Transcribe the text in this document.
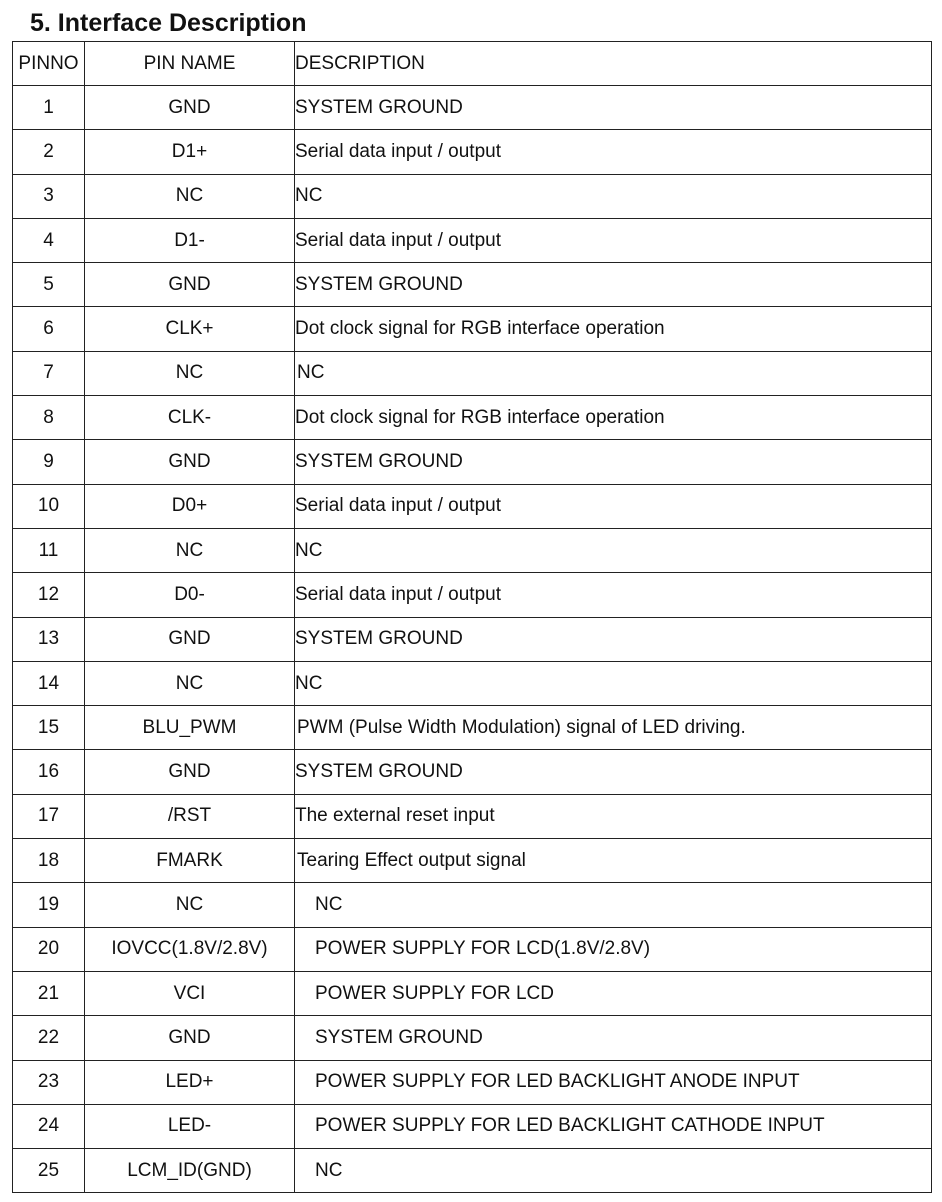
5. Interface Description
PINNO	PIN NAME	DESCRIPTION
1	GND	SYSTEM GROUND
2	D1+	Serial data input / output
3	NC	NC
4	D1-	Serial data input / output
5	GND	SYSTEM GROUND
6	CLK+	Dot clock signal for RGB interface operation
7	NC	NC
8	CLK-	Dot clock signal for RGB interface operation
9	GND	SYSTEM GROUND
10	D0+	Serial data input / output
11	NC	NC
12	D0-	Serial data input / output
13	GND	SYSTEM GROUND
14	NC	NC
15	BLU_PWM	PWM (Pulse Width Modulation) signal of LED driving.
16	GND	SYSTEM GROUND
17	/RST	The external reset input
18	FMARK	Tearing Effect output signal
19	NC	NC
20	IOVCC(1.8V/2.8V)	POWER SUPPLY FOR LCD(1.8V/2.8V)
21	VCI	POWER SUPPLY FOR LCD
22	GND	SYSTEM GROUND
23	LED+	POWER SUPPLY FOR LED BACKLIGHT ANODE INPUT
24	LED-	POWER SUPPLY FOR LED BACKLIGHT CATHODE INPUT
25	LCM_ID(GND)	NC
